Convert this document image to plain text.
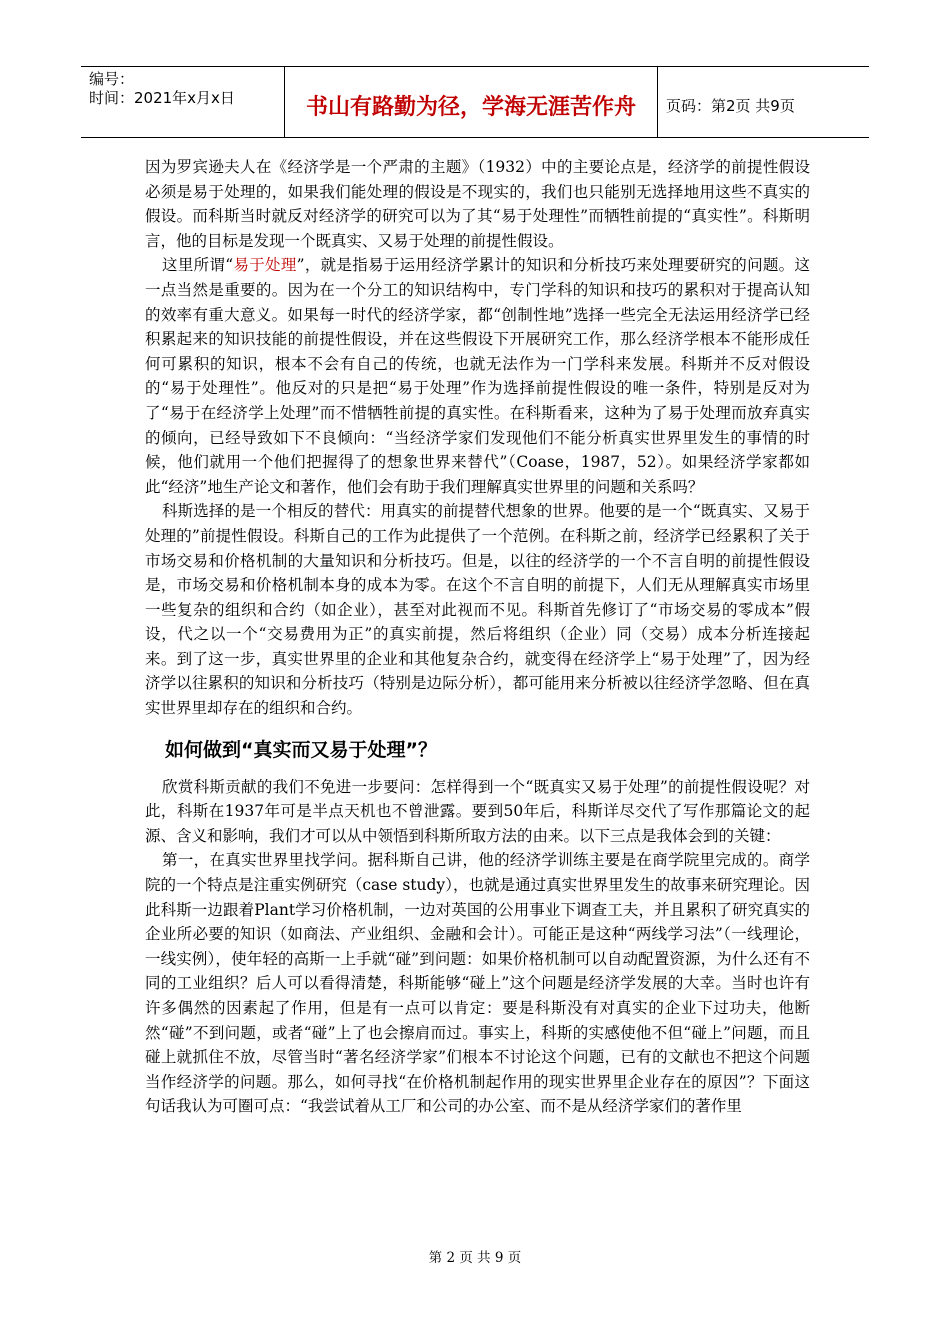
编号：
时间：2021年x月x日	书山有路勤为径，学海无涯苦作舟	页码：第2页 共9页

因为罗宾逊夫人在《经济学是一个严肃的主题》（1932）中的主要论点是，经济学的前提性假设必须是易于处理的，如果我们能处理的假设是不现实的，我们也只能别无选择地用这些不真实的假设。而科斯当时就反对经济学的研究可以为了其“易于处理性”而牺牲前提的“真实性”。科斯明言，他的目标是发现一个既真实、又易于处理的前提性假设。

这里所谓“易于处理”，就是指易于运用经济学累计的知识和分析技巧来处理要研究的问题。这一点当然是重要的。因为在一个分工的知识结构中，专门学科的知识和技巧的累积对于提高认知的效率有重大意义。如果每一时代的经济学家，都“创制性地”选择一些完全无法运用经济学已经积累起来的知识技能的前提性假设，并在这些假设下开展研究工作，那么经济学根本不能形成任何可累积的知识，根本不会有自己的传统，也就无法作为一门学科来发展。科斯并不反对假设的“易于处理性”。他反对的只是把“易于处理”作为选择前提性假设的唯一条件，特别是反对为了“易于在经济学上处理”而不惜牺牲前提的真实性。在科斯看来，这种为了易于处理而放弃真实的倾向，已经导致如下不良倾向：“当经济学家们发现他们不能分析真实世界里发生的事情的时候，他们就用一个他们把握得了的想象世界来替代”（Coase，1987，52）。如果经济学家都如此“经济”地生产论文和著作，他们会有助于我们理解真实世界里的问题和关系吗？

科斯选择的是一个相反的替代：用真实的前提替代想象的世界。他要的是一个“既真实、又易于处理的”前提性假设。科斯自己的工作为此提供了一个范例。在科斯之前，经济学已经累积了关于市场交易和价格机制的大量知识和分析技巧。但是，以往的经济学的一个不言自明的前提性假设是，市场交易和价格机制本身的成本为零。在这个不言自明的前提下，人们无从理解真实市场里一些复杂的组织和合约（如企业），甚至对此视而不见。科斯首先修订了“市场交易的零成本”假设，代之以一个“交易费用为正”的真实前提，然后将组织（企业）同（交易）成本分析连接起来。到了这一步，真实世界里的企业和其他复杂合约，就变得在经济学上“易于处理”了，因为经济学以往累积的知识和分析技巧（特别是边际分析），都可能用来分析被以往经济学忽略、但在真实世界里却存在的组织和合约。

如何做到“真实而又易于处理”？

欣赏科斯贡献的我们不免进一步要问：怎样得到一个“既真实又易于处理”的前提性假设呢？对此，科斯在1937年可是半点天机也不曾泄露。要到50年后，科斯详尽交代了写作那篇论文的起源、含义和影响，我们才可以从中领悟到科斯所取方法的由来。以下三点是我体会到的关键：

第一，在真实世界里找学问。据科斯自己讲，他的经济学训练主要是在商学院里完成的。商学院的一个特点是注重实例研究（case study），也就是通过真实世界里发生的故事来研究理论。因此科斯一边跟着Plant学习价格机制，一边对英国的公用事业下调查工夫，并且累积了研究真实的企业所必要的知识（如商法、产业组织、金融和会计）。可能正是这种“两线学习法”（一线理论，一线实例），使年轻的高斯一上手就“碰”到问题：如果价格机制可以自动配置资源，为什么还有不同的工业组织？后人可以看得清楚，科斯能够“碰上”这个问题是经济学发展的大幸。当时也许有许多偶然的因素起了作用，但是有一点可以肯定：要是科斯没有对真实的企业下过功夫，他断然“碰”不到问题，或者“碰”上了也会擦肩而过。事实上，科斯的实感使他不但“碰上”问题，而且碰上就抓住不放，尽管当时“著名经济学家”们根本不讨论这个问题，已有的文献也不把这个问题当作经济学的问题。那么，如何寻找“在价格机制起作用的现实世界里企业存在的原因”？下面这句话我认为可圈可点：“我尝试着从工厂和公司的办公室、而不是从经济学家们的著作里

第 2 页 共 9 页
